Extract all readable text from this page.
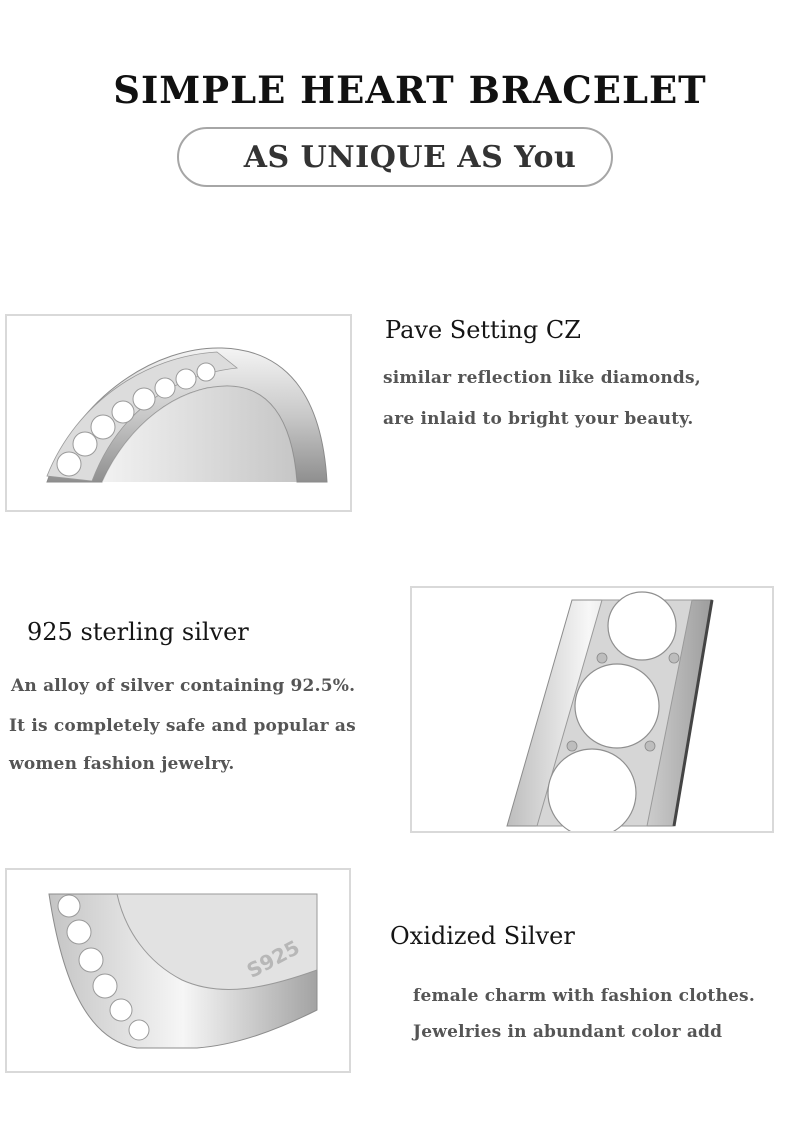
SIMPLE HEART BRACELET
AS UNIQUE AS You
Pave Setting CZ
similar reflection like diamonds,
are inlaid to bright your beauty.
925 sterling silver
An alloy of silver containing 92.5%.
It is completely safe and popular as
women fashion jewelry.
S925	Oxidized Silver
female charm with fashion clothes.
Jewelries in abundant color add
